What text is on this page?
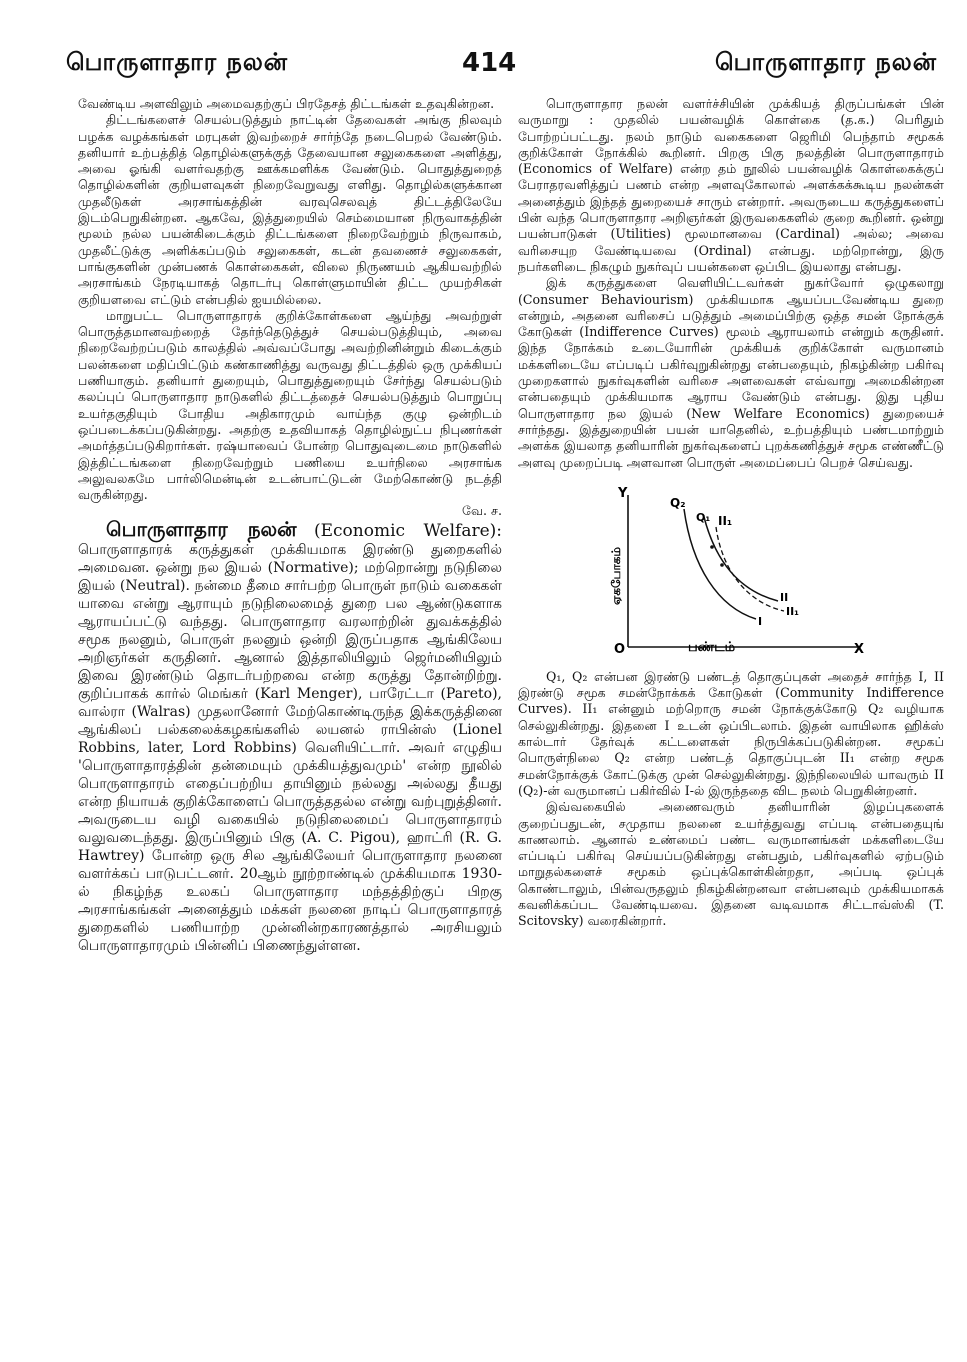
பொருளாதார நலன்	414	பொருளாதார நலன்

வேண்டிய அளவிலும் அமைவதற்குப் பிரதேசத் திட்டங்கள் உதவுகின்றன.

திட்டங்களைச் செயல்படுத்தும் நாட்டின் தேவைகள் அங்கு நிலவும் பழக்க வழக்கங்கள் மரபுகள் இவற்றைச் சார்ந்தே நடைபெறல் வேண்டும். தனியார் உற்பத்தித் தொழில்களுக்குத் தேவையான சலுகைகளை அளித்து, அவை ஓங்கி வளர்வதற்கு ஊக்கமளிக்க வேண்டும். பொதுத்துறைத் தொழில்களின் குறியளவுகள் நிறைவேறுவது எளிது. தொழில்களுக்கான முதலீடுகள் அரசாங்கத்தின் வரவுசெலவுத் திட்டத்திலேயே இடம்பெறுகின்றன. ஆகவே, இத்துறையில் செம்மையான நிருவாகத்தின் மூலம் நல்ல பயன்கிடைக்கும் திட்டங்களை நிறைவேற்றும் நிருவாகம், முதலீட்டுக்கு அளிக்கப்படும் சலுகைகள், கடன் தவணைச் சலுகைகள், பாங்குகளின் முன்பணக் கொள்கைகள், விலை நிருணயம் ஆகியவற்றில் அரசாங்கம் நேரடியாகத் தொடர்பு கொள்ளுமாயின் திட்ட முயற்சிகள் குறியளவை எட்டும் என்பதில் ஐயமில்லை.

மாறுபட்ட பொருளாதாரக் குறிக்கோள்களை ஆய்ந்து அவற்றுள் பொருத்தமானவற்றைத் தேர்ந்தெடுத்துச் செயல்படுத்தியும், அவை நிறைவேற்றப்படும் காலத்தில் அவ்வப்போது அவற்றினின்றும் கிடைக்கும் பலன்களை மதிப்பிட்டும் கண்காணித்து வருவது திட்டத்தில் ஒரு முக்கியப் பணியாகும். தனியார் துறையும், பொதுத்துறையும் சேர்ந்து செயல்படும் கலப்புப் பொருளாதார நாடுகளில் திட்டத்தைச் செயல்படுத்தும் பொறுப்பு உயர்தகுதியும் போதிய அதிகாரமும் வாய்ந்த குழு ஒன்றிடம் ஒப்படைக்கப்படுகின்றது. அதற்கு உதவியாகத் தொழில்நுட்ப நிபுணர்கள் அமர்த்தப்படுகிறார்கள். ரஷ்யாவைப் போன்ற பொதுவுடைமை நாடுகளில் இத்திட்டங்களை நிறைவேற்றும் பணியை உயர்நிலை அரசாங்க அலுவலகமே பார்லிமென்டின் உடன்பாட்டுடன் மேற்கொண்டு நடத்தி வருகின்றது.

வே. ச.

பொருளாதார நலன் (Economic Welfare): பொருளாதாரக் கருத்துகள் முக்கியமாக இரண்டு துறைகளில் அமைவன. ஒன்று நல இயல் (Normative); மற்றொன்று நடுநிலை இயல் (Neutral). நன்மை தீமை சார்பற்ற பொருள் நாடும் வகைகள் யாவை என்று ஆராயும் நடுநிலைமைத் துறை பல ஆண்டுகளாக ஆராயப்பட்டு வந்தது. பொருளாதார வரலாற்றின் துவக்கத்தில் சமூக நலனும், பொருள் நலனும் ஒன்றி இருப்பதாக ஆங்கிலேய அறிஞர்கள் கருதினர். ஆனால் இத்தாலியிலும் ஜெர்மனியிலும் இவை இரண்டும் தொடர்பற்றவை என்ற கருத்து தோன்றிற்று. குறிப்பாகக் கார்ல் மெங்கர் (Karl Menger), பாரேட்டா (Pareto), வால்ரா (Walras) முதலானோர் மேற்கொண்டிருந்த இக்கருத்தினை ஆங்கிலப் பல்கலைக்கழகங்களில் லயனல் ராபின்ஸ் (Lionel Robbins, later, Lord Robbins) வெளியிட்டார். அவர் எழுதிய 'பொருளாதாரத்தின் தன்மையும் முக்கியத்துவமும்' என்ற நூலில் பொருளாதாரம் எதைப்பற்றிய தாயினும் நல்லது அல்லது தீயது என்ற நியாயக் குறிக்கோளைப் பொருத்ததல்ல என்று வற்புறுத்தினர். அவருடைய வழி வகையில் நடுநிலைமைப் பொருளாதாரம் வலுவடைந்தது. இருப்பினும் பிகு (A. C. Pigou), ஹாட்ரி (R. G. Hawtrey) போன்ற ஒரு சில ஆங்கிலேயர் பொருளாதார நலனை வளர்க்கப் பாடுபட்டனர். 20ஆம் நூற்றாண்டில் முக்கியமாக 1930-ல் நிகழ்ந்த உலகப் பொருளாதார மந்தத்திற்குப் பிறகு அரசாங்கங்கள் அனைத்தும் மக்கள் நலனை நாடிப் பொருளாதாரத் துறைகளில் பணியாற்ற முன்னின்றகாரணத்தால் அரசியலும் பொருளாதாரமும் பின்னிப் பிணைந்துள்ளன.

பொருளாதார நலன் வளர்ச்சியின் முக்கியத் திருப்பங்கள் பின் வருமாறு : முதலில் பயன்வழிக் கொள்கை (த.க.) பெரிதும் போற்றப்பட்டது. நலம் நாடும் வகைகளை ஜெரிமி பெந்தாம் சமூகக் குறிக்கோள் நோக்கில் கூறினர். பிறகு பிகு நலத்தின் பொருளாதாரம் (Economics of Welfare) என்ற தம் நூலில் பயன்வழிக் கொள்கைக்குப் பேராதரவளித்துப் பணம் என்ற அளவுகோலால் அளக்கக்கூடிய நலன்கள் அனைத்தும் இந்தத் துறையைச் சாரும் என்றார். அவருடைய கருத்துகளைப் பின் வந்த பொருளாதார அறிஞர்கள் இருவகைகளில் குறை கூறினர். ஒன்று பயன்பாடுகள் (Utilities) மூலமானவை (Cardinal) அல்ல; அவை வரிசையுற வேண்டியவை (Ordinal) என்பது. மற்றொன்று, இரு நபர்களிடை நிகழும் நுகர்வுப் பயன்களை ஒப்பிட இயலாது என்பது.

இக் கருத்துகளை வெளியிட்டவர்கள் நுகர்வோர் ஒழுகலாறு (Consumer Behaviourism) முக்கியமாக ஆயப்படவேண்டிய துறை என்றும், அதனை வரிசைப் படுத்தும் அமைப்பிற்கு ஒத்த சமன் நோக்குக் கோடுகள் (Indifference Curves) மூலம் ஆராயலாம் என்றும் கருதினர். இந்த நோக்கம் உடையோரின் முக்கியக் குறிக்கோள் வருமானம் மக்களிடையே எப்படிப் பகிர்வுறுகின்றது என்பதையும், நிகழ்கின்ற பகிர்வு முறைகளால் நுகர்வுகளின் வரிசை அளவைகள் எவ்வாறு அமைகின்றன என்பதையும் முக்கியமாக ஆராய வேண்டும் என்பது. இது புதிய பொருளாதார நல இயல் (New Welfare Economics) துறையைச் சார்ந்தது. இத்துறையின் பயன் யாதெனில், உற்பத்தியும் பண்டமாற்றும் அளக்க இயலாத தனியாரின் நுகர்வுகளைப் புறக்கணித்துச் சமூக எண்ணீட்டு அளவு முறைப்படி அளவான பொருள் அமைப்பைப் பெறச் செய்வது.

Y
O	X
பண்டம்
ஏகபோகம்
Q₂
Q₁ II₁
II
I
II₁

Q₁, Q₂ என்பன இரண்டு பண்டத் தொகுப்புகள் அதைச் சார்ந்த I, II இரண்டு சமூக சமன்நோக்கக் கோடுகள் (Community Indifference Curves). II₁ என்னும் மற்றொரு சமன் நோக்குக்கோடு Q₂ வழியாக செல்லுகின்றது. இதனை I உடன் ஒப்பிடலாம். இதன் வாயிலாக ஹிக்ஸ் கால்டார் தேர்வுக் கட்டளைகள் நிருபிக்கப்படுகின்றன. சமூகப் பொருள்நிலை Q₂ என்ற பண்டத் தொகுப்புடன் II₁ என்ற சமூக சமன்நோக்குக் கோட்டுக்கு முன் செல்லுகின்றது. இந்நிலையில் யாவரும் II (Q₂)-ன் வருமானப் பகிர்வில் I-ல் இருந்ததை விட நலம் பெறுகின்றனர்.

இவ்வகையில் அணைவரும் தனியாரின் இழப்புகளைக் குறைப்பதுடன், சமுதாய நலனை உயர்த்துவது எப்படி என்பதையுங் காணலாம். ஆனால் உண்மைப் பண்ட வருமானங்கள் மக்களிடையே எப்படிப் பகிர்வு செய்யப்படுகின்றது என்பதும், பகிர்வுகளில் ஏற்படும் மாறுதல்களைச் சமூகம் ஒப்புக்கொள்கின்றதா, அப்படி ஒப்புக் கொண்டாலும், பின்வருதலும் நிகழ்கின்றனவா என்பனவும் முக்கியமாகக் கவனிக்கப்பட வேண்டியவை. இதனை வடிவமாக சிட்டாவ்ஸ்கி (T. Scitovsky) வரைகின்றார்.
